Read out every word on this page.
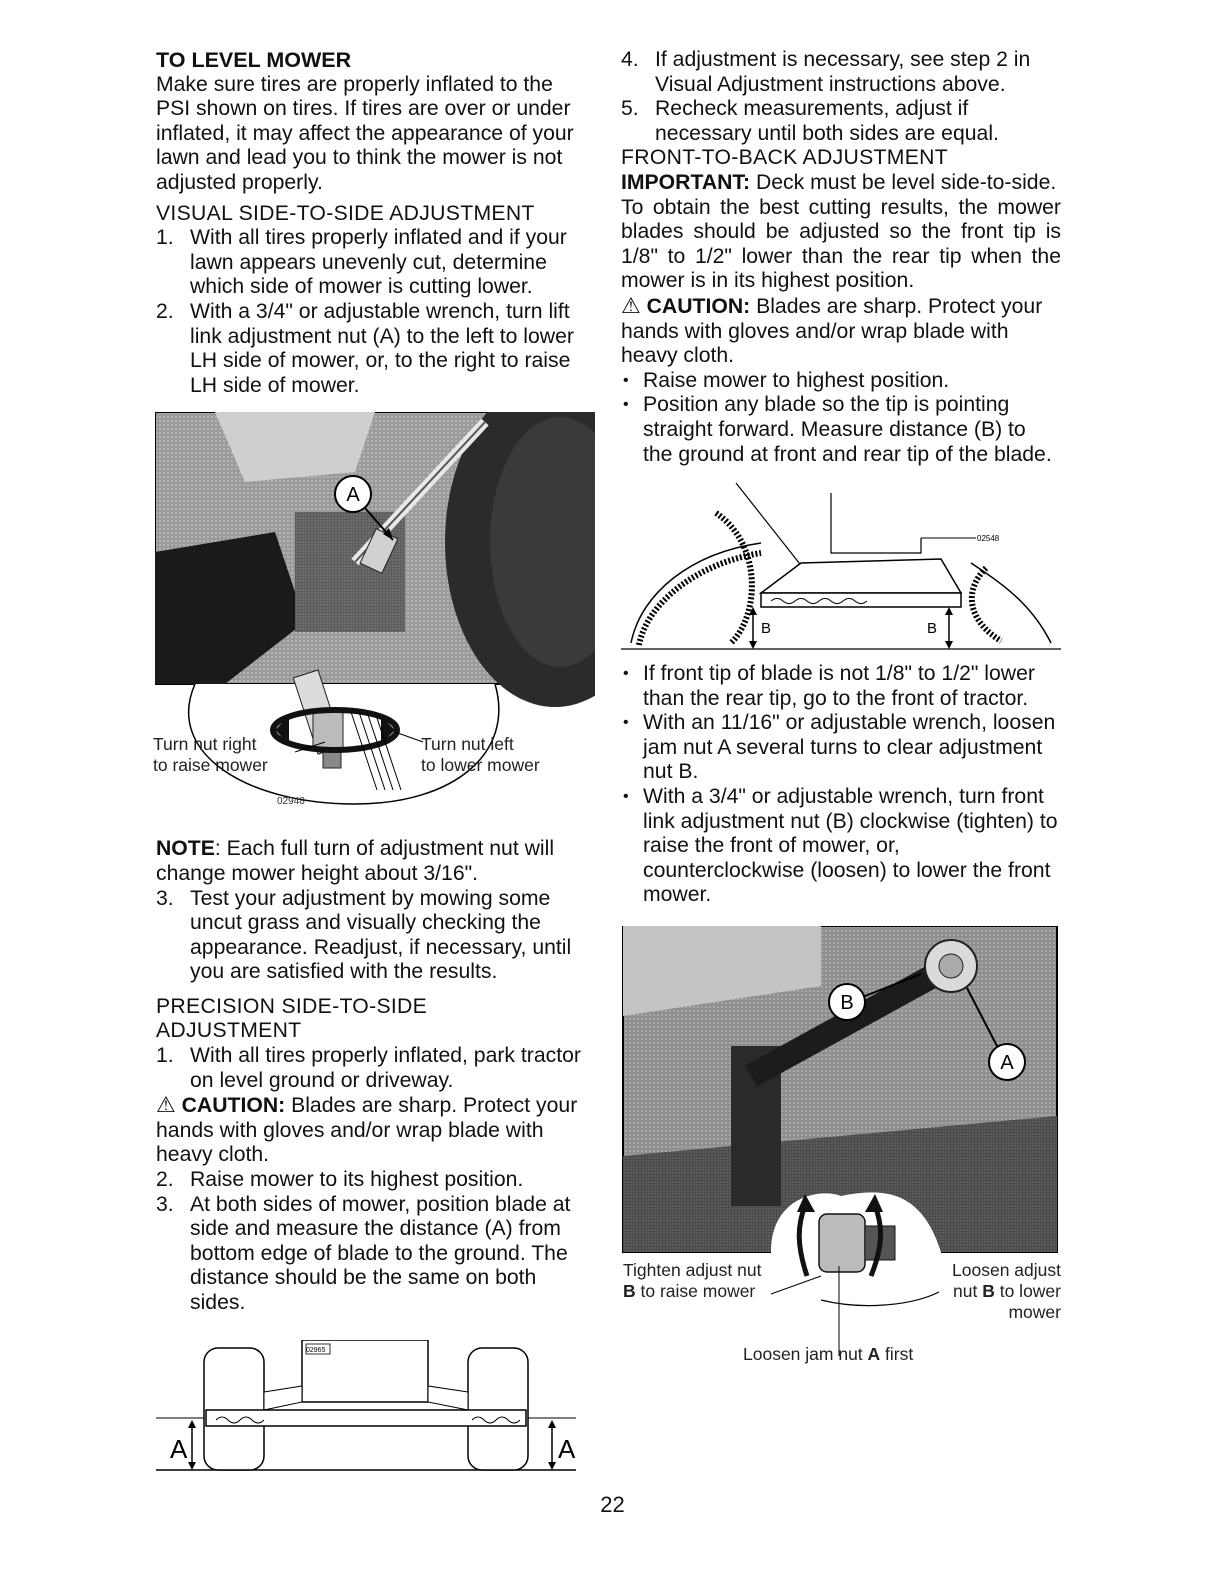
TO LEVEL MOWER

Make sure tires are properly inflated to the PSI shown on tires. If tires are over or under inflated, it may affect the appearance of your lawn and lead you to think the mower is not adjusted properly.

VISUAL SIDE-TO-SIDE ADJUSTMENT

1. With all tires properly inflated and if your lawn appears unevenly cut, determine which side of mower is cutting lower.
2. With a 3/4" or adjustable wrench, turn lift link adjustment nut (A) to the left to lower LH side of mower, or, to the right to raise LH side of mower.
A
Turn nut right
to raise mower
Turn nut left
to lower mower
02948

NOTE: Each full turn of adjustment nut will change mower height about 3/16".

3. Test your adjustment by mowing some uncut grass and visually checking the appearance. Readjust, if necessary, until you are satisfied with the results.

PRECISION SIDE-TO-SIDE

ADJUSTMENT

1. With all tires properly inflated, park tractor on level ground or driveway.

⚠ CAUTION: Blades are sharp. Protect your hands with gloves and/or wrap blade with heavy cloth.

2. Raise mower to its highest position.
3. At both sides of mower, position blade at side and measure the distance (A) from bottom edge of blade to the ground. The distance should be the same on both sides.
A	A
02965
4. If adjustment is necessary, see step 2 in Visual Adjustment instructions above.
5. Recheck measurements, adjust if necessary until both sides are equal.

FRONT-TO-BACK ADJUSTMENT

IMPORTANT: Deck must be level side-to-side.

To obtain the best cutting results, the mower blades should be adjusted so the front tip is 1/8" to 1/2" lower than the rear tip when the mower is in its highest position.

⚠ CAUTION: Blades are sharp. Protect your hands with gloves and/or wrap blade with heavy cloth.

• Raise mower to highest position.
• Position any blade so the tip is pointing straight forward. Measure distance (B) to the ground at front and rear tip of the blade.
02548
B	B
• If front tip of blade is not 1/8" to 1/2" lower than the rear tip, go to the front of tractor.
• With an 11/16" or adjustable wrench, loosen jam nut A several turns to clear adjustment nut B.
• With a 3/4" or adjustable wrench, turn front link adjustment nut (B) clockwise (tighten) to raise the front of mower, or, counterclockwise (loosen) to lower the front mower.
B
A
Tighten adjust nut
B to raise mower
Loosen adjust
nut B to lower
mower
Loosen jam nut A first
22
